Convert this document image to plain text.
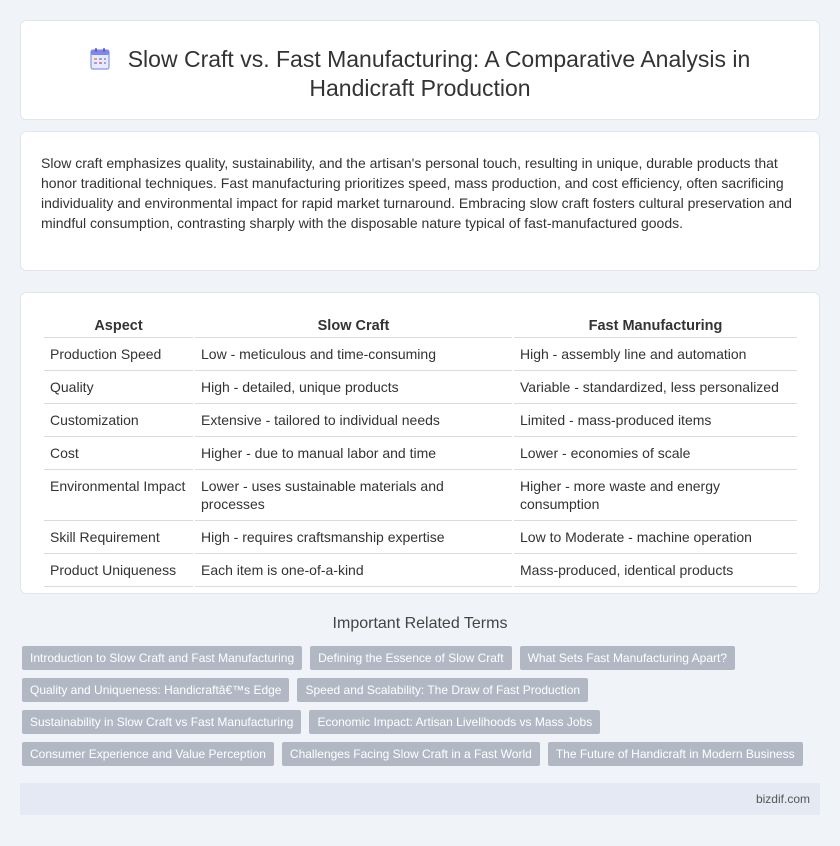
Slow Craft vs. Fast Manufacturing: A Comparative Analysis in Handicraft Production

Slow craft emphasizes quality, sustainability, and the artisan's personal touch, resulting in unique, durable products that honor traditional techniques. Fast manufacturing prioritizes speed, mass production, and cost efficiency, often sacrificing individuality and environmental impact for rapid market turnaround. Embracing slow craft fosters cultural preservation and mindful consumption, contrasting sharply with the disposable nature typical of fast-manufactured goods.

Aspect	Slow Craft	Fast Manufacturing
Production Speed	Low - meticulous and time-consuming	High - assembly line and automation
Quality	High - detailed, unique products	Variable - standardized, less personalized
Customization	Extensive - tailored to individual needs	Limited - mass-produced items
Cost	Higher - due to manual labor and time	Lower - economies of scale
Environmental Impact	Lower - uses sustainable materials and processes	Higher - more waste and energy consumption
Skill Requirement	High - requires craftsmanship expertise	Low to Moderate - machine operation
Product Uniqueness	Each item is one-of-a-kind	Mass-produced, identical products
Important Related Terms
Introduction to Slow Craft and Fast Manufacturing	Defining the Essence of Slow Craft	What Sets Fast Manufacturing Apart?
Quality and Uniqueness: Handicraftâ€™s Edge	Speed and Scalability: The Draw of Fast Production
Sustainability in Slow Craft vs Fast Manufacturing	Economic Impact: Artisan Livelihoods vs Mass Jobs
Consumer Experience and Value Perception	Challenges Facing Slow Craft in a Fast World	The Future of Handicraft in Modern Business
bizdif.com
